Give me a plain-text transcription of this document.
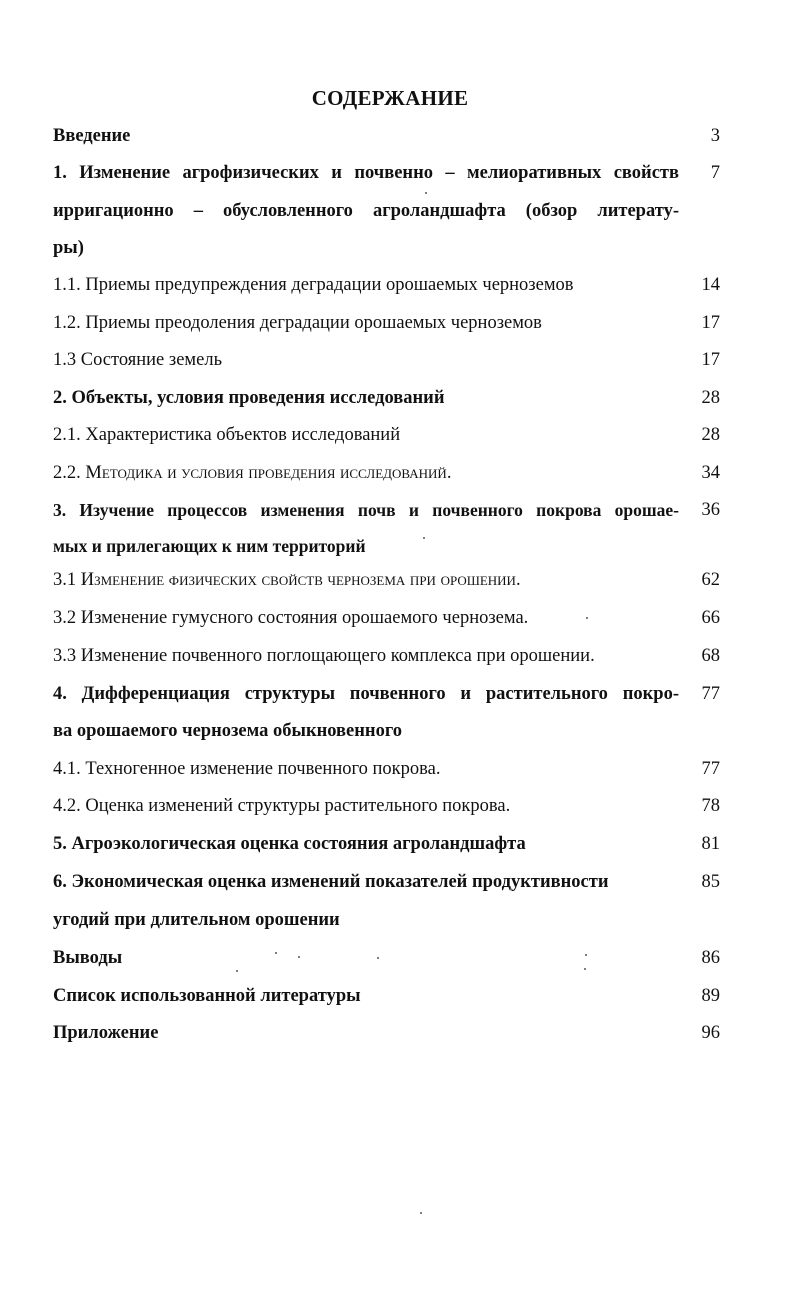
СОДЕРЖАНИЕ
Введение	3
1. Изменение агрофизических и почвенно – мелиоративных свойств 7
ирригационно – обусловленного агроландшафта (обзор литерату-
ры)
1.1. Приемы предупреждения деградации орошаемых черноземов	14
1.2. Приемы преодоления деградации орошаемых черноземов	17
1.3 Состояние земель	17
2. Объекты, условия проведения исследований	28
2.1. Характеристика объектов исследований	28
2.2. Методика и условия проведения исследований.	34
3. Изучение процессов изменения почв и почвенного покрова орошае- 36
мых и прилегающих к ним территорий
3.1 Изменение физических свойств чернозема при орошении.	62
3.2 Изменение гумусного состояния орошаемого чернозема.	66
3.3 Изменение почвенного поглощающего комплекса при орошении.	68
4. Дифференциация структуры почвенного и растительного покро- 77
ва орошаемого чернозема обыкновенного
4.1. Техногенное изменение почвенного покрова.	77
4.2. Оценка изменений структуры растительного покрова.	78
5. Агроэкологическая оценка состояния агроландшафта	81
6. Экономическая оценка изменений показателей продуктивности	85
угодий при длительном орошении
Выводы	86
Список использованной литературы	89
Приложение	96
